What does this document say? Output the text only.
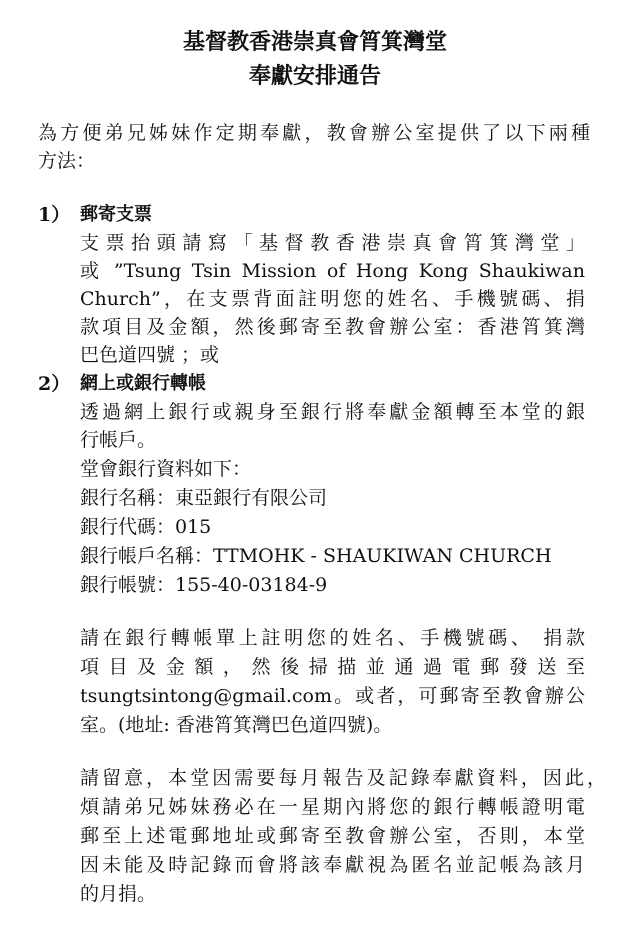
基督教香港崇真會筲箕灣堂
奉獻安排通告

為方便弟兄姊妹作定期奉獻，教會辦公室提供了以下兩種

方法：

1） 郵寄支票

支票抬頭請寫「基督教香港崇真會筲箕灣堂」

或 ”Tsung Tsin Mission of Hong Kong Shaukiwan

Church”，在支票背面註明您的姓名、手機號碼、捐

款項目及金額，然後郵寄至教會辦公室：香港筲箕灣

巴色道四號 ；或

2） 網上或銀行轉帳

透過網上銀行或親身至銀行將奉獻金額轉至本堂的銀

行帳戶。

堂會銀行資料如下：

銀行名稱：東亞銀行有限公司

銀行代碼：015

銀行帳戶名稱：TTMOHK - SHAUKIWAN CHURCH

銀行帳號：155-40-03184-9

請在銀行轉帳單上註明您的姓名、手機號碼、 捐款

項目及金額，然後掃描並通過電郵發送至

tsungtsintong@gmail.com。或者，可郵寄至教會辦公

室。(地址: 香港筲箕灣巴色道四號)。

請留意，本堂因需要每月報告及記錄奉獻資料，因此，

煩請弟兄姊妹務必在一星期內將您的銀行轉帳證明電

郵至上述電郵地址或郵寄至教會辦公室，否則，本堂

因未能及時記錄而會將該奉獻視為匿名並記帳為該月

的月捐。
